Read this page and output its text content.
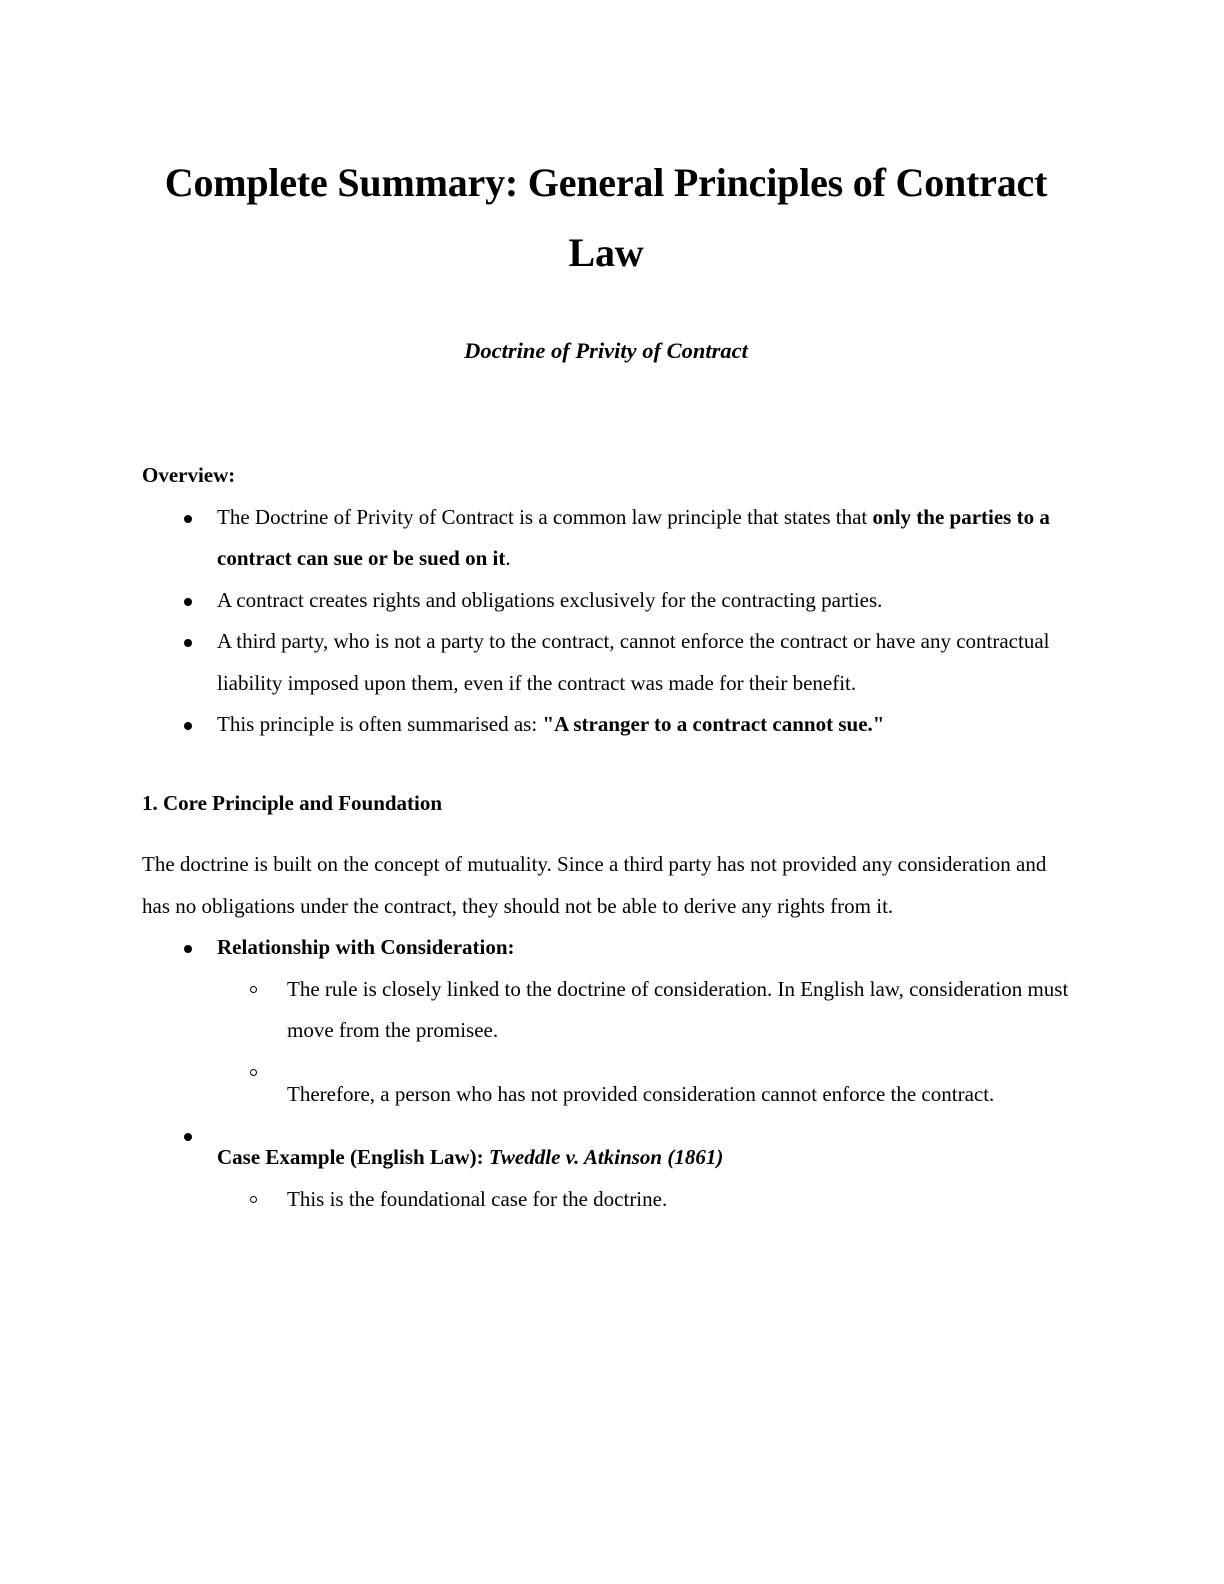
Complete Summary: General Principles of Contract Law

Doctrine of Privity of Contract

Overview:
The Doctrine of Privity of Contract is a common law principle that states that only the parties to a contract can sue or be sued on it.
A contract creates rights and obligations exclusively for the contracting parties.
A third party, who is not a party to the contract, cannot enforce the contract or have any contractual liability imposed upon them, even if the contract was made for their benefit.
This principle is often summarised as: "A stranger to a contract cannot sue."
1. Core Principle and Foundation

The doctrine is built on the concept of mutuality. Since a third party has not provided any consideration and has no obligations under the contract, they should not be able to derive any rights from it.

Relationship with Consideration:
The rule is closely linked to the doctrine of consideration. In English law, consideration must move from the promisee.
Therefore, a person who has not provided consideration cannot enforce the contract.
Case Example (English Law): Tweddle v. Atkinson (1861)
This is the foundational case for the doctrine.
